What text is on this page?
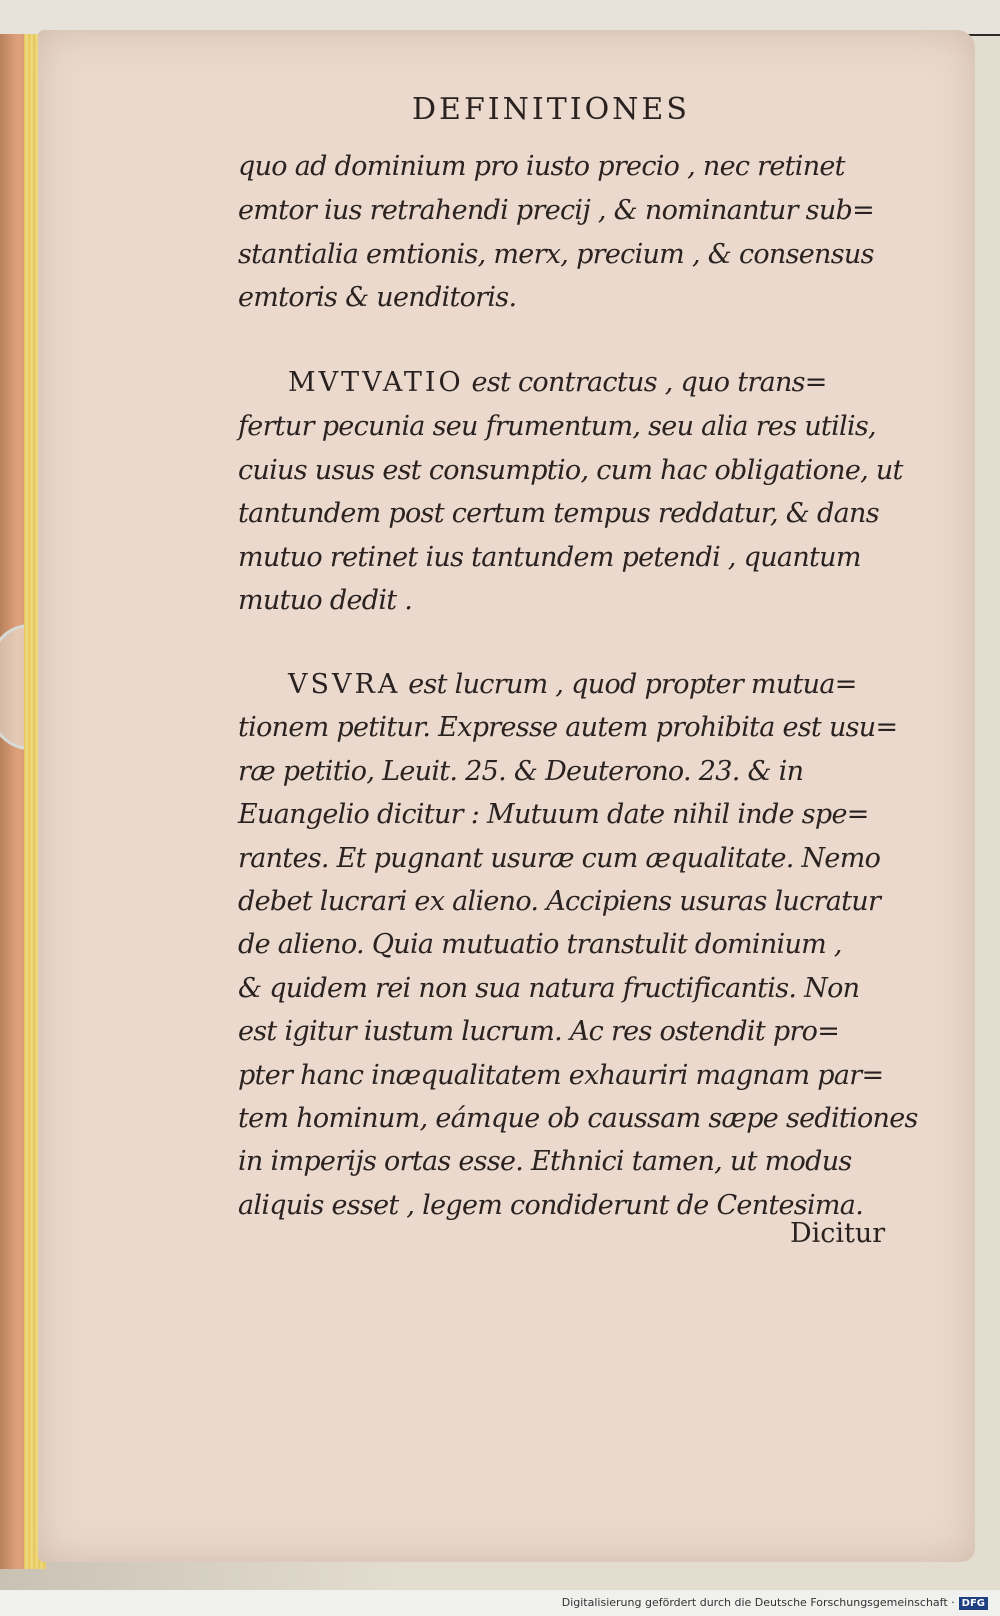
DEFINITIONES
quo ad dominium pro iusto precio , nec retinet
emtor ius retrahendi precij , & nominantur sub=
stantialia emtionis, merx, precium , & consensus
emtoris & uenditoris.
MVTVATIO est contractus , quo trans=
fertur pecunia seu frumentum, seu alia res utilis,
cuius usus est consumptio, cum hac obligatione, ut
tantundem post certum tempus reddatur, & dans
mutuo retinet ius tantundem petendi , quantum
mutuo dedit .
VSVRA est lucrum , quod propter mutua=
tionem petitur. Expresse autem prohibita est usu=
ræ petitio, Leuit. 25. & Deuterono. 23. & in
Euangelio dicitur : Mutuum date nihil inde spe=
rantes. Et pugnant usuræ cum æqualitate. Nemo
debet lucrari ex alieno. Accipiens usuras lucratur
de alieno. Quia mutuatio transtulit dominium ,
& quidem rei non sua natura fructificantis. Non
est igitur iustum lucrum. Ac res ostendit pro=
pter hanc inæqualitatem exhauriri magnam par=
tem hominum, eámque ob caussam sæpe seditiones
in imperijs ortas esse. Ethnici tamen, ut modus
aliquis esset , legem condiderunt de Centesima.
Dicitur
Digitalisierung gefördert durch die Deutsche Forschungsgemeinschaft · DFG
